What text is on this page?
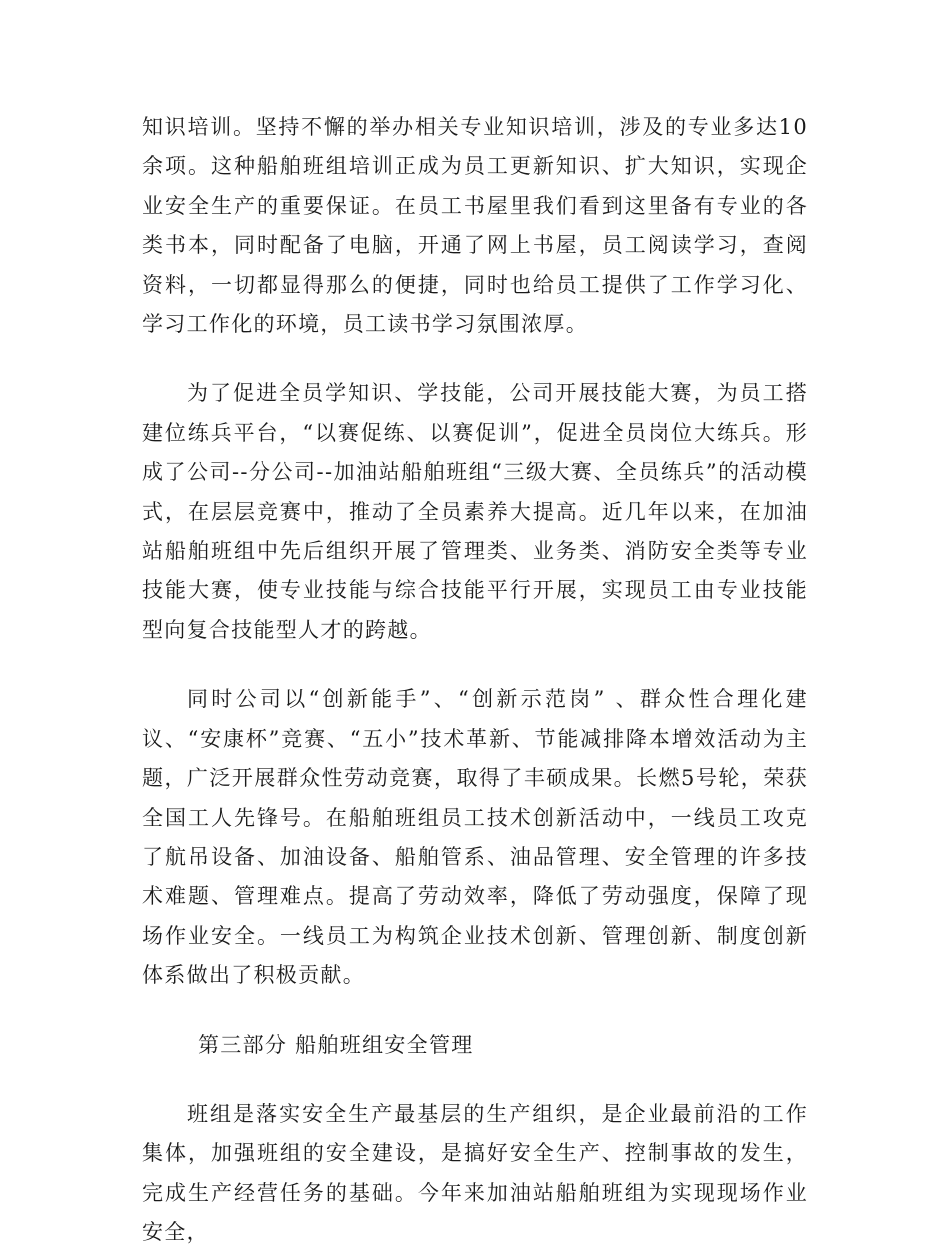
知识培训。坚持不懈的举办相关专业知识培训，涉及的专业多达10余项。这种船舶班组培训正成为员工更新知识、扩大知识，实现企业安全生产的重要保证。在员工书屋里我们看到这里备有专业的各类书本，同时配备了电脑，开通了网上书屋，员工阅读学习，查阅资料，一切都显得那么的便捷，同时也给员工提供了工作学习化、学习工作化的环境，员工读书学习氛围浓厚。

为了促进全员学知识、学技能，公司开展技能大赛，为员工搭建位练兵平台，“以赛促练、以赛促训”，促进全员岗位大练兵。形成了公司--分公司--加油站船舶班组“三级大赛、全员练兵”的活动模式，在层层竞赛中，推动了全员素养大提高。近几年以来，在加油站船舶班组中先后组织开展了管理类、业务类、消防安全类等专业技能大赛，使专业技能与综合技能平行开展，实现员工由专业技能型向复合技能型人才的跨越。

同时公司以“创新能手”、“创新示范岗” 、群众性合理化建议、“安康杯”竞赛、“五小”技术革新、节能减排降本增效活动为主题，广泛开展群众性劳动竞赛，取得了丰硕成果。长燃5号轮，荣获全国工人先锋号。在船舶班组员工技术创新活动中，一线员工攻克了航吊设备、加油设备、船舶管系、油品管理、安全管理的许多技术难题、管理难点。提高了劳动效率，降低了劳动强度，保障了现场作业安全。一线员工为构筑企业技术创新、管理创新、制度创新体系做出了积极贡献。

第三部分 船舶班组安全管理

班组是落实安全生产最基层的生产组织，是企业最前沿的工作集体，加强班组的安全建设，是搞好安全生产、控制事故的发生，完成生产经营任务的基础。今年来加油站船舶班组为实现现场作业安全，
